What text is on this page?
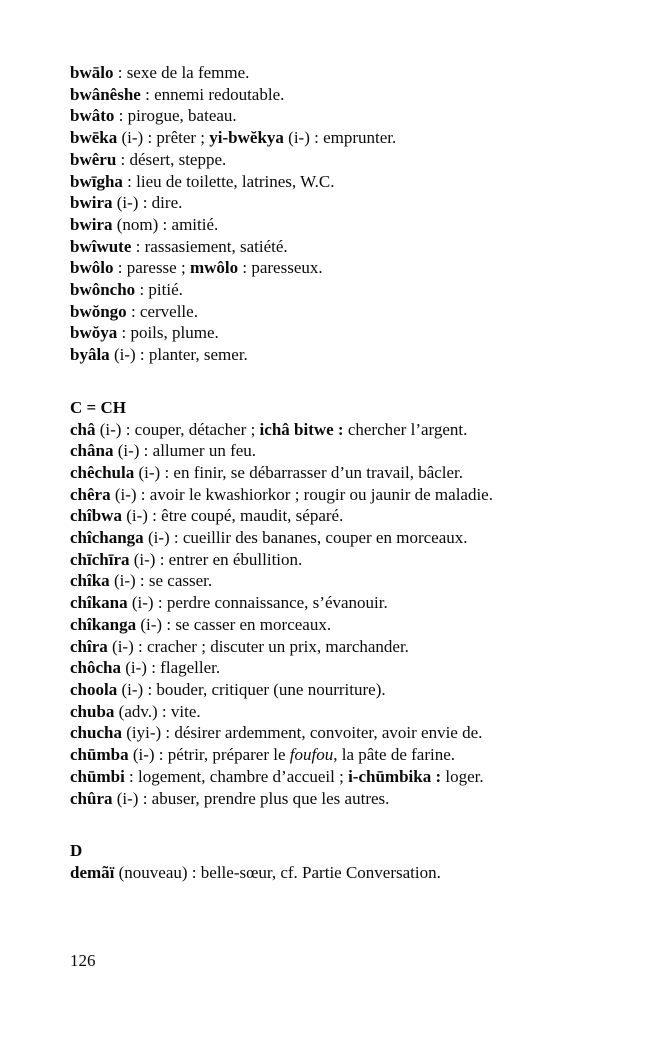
bwālo : sexe de la femme.
bwânêshe : ennemi redoutable.
bwâto : pirogue, bateau.
bwēka (i-) : prêter ; yi-bwĕkya (i-) : emprunter.
bwêru : désert, steppe.
bwīgha : lieu de toilette, latrines, W.C.
bwira (i-) : dire.
bwira (nom) : amitié.
bwîwute : rassasiement, satiété.
bwôlo : paresse ; mwôlo : paresseux.
bwôncho : pitié.
bwŏngo : cervelle.
bwŏya : poils, plume.
byâla (i-) : planter, semer.
C = CH
châ (i-) : couper, détacher ; ichâ bitwe : chercher l’argent.
châna (i-) : allumer un feu.
chêchula (i-) : en finir, se débarrasser d’un travail, bâcler.
chêra (i-) : avoir le kwashiorkor ; rougir ou jaunir de maladie.
chîbwa (i-) : être coupé, maudit, séparé.
chîchanga (i-) : cueillir des bananes, couper en morceaux.
chīchīra (i-) : entrer en ébullition.
chîka (i-) : se casser.
chîkana (i-) : perdre connaissance, s’évanouir.
chîkanga (i-) : se casser en morceaux.
chîra (i-) : cracher ; discuter un prix, marchander.
chôcha (i-) : flageller.
choola (i-) : bouder, critiquer (une nourriture).
chuba (adv.) : vite.
chucha (iyi-) : désirer ardemment, convoiter, avoir envie de.
chūmba (i-) : pétrir, préparer le foufou, la pâte de farine.
chūmbi : logement, chambre d’accueil ; i-chūmbika : loger.
chûra (i-) : abuser, prendre plus que les autres.
D
demãï (nouveau) : belle-sœur, cf. Partie Conversation.
126
